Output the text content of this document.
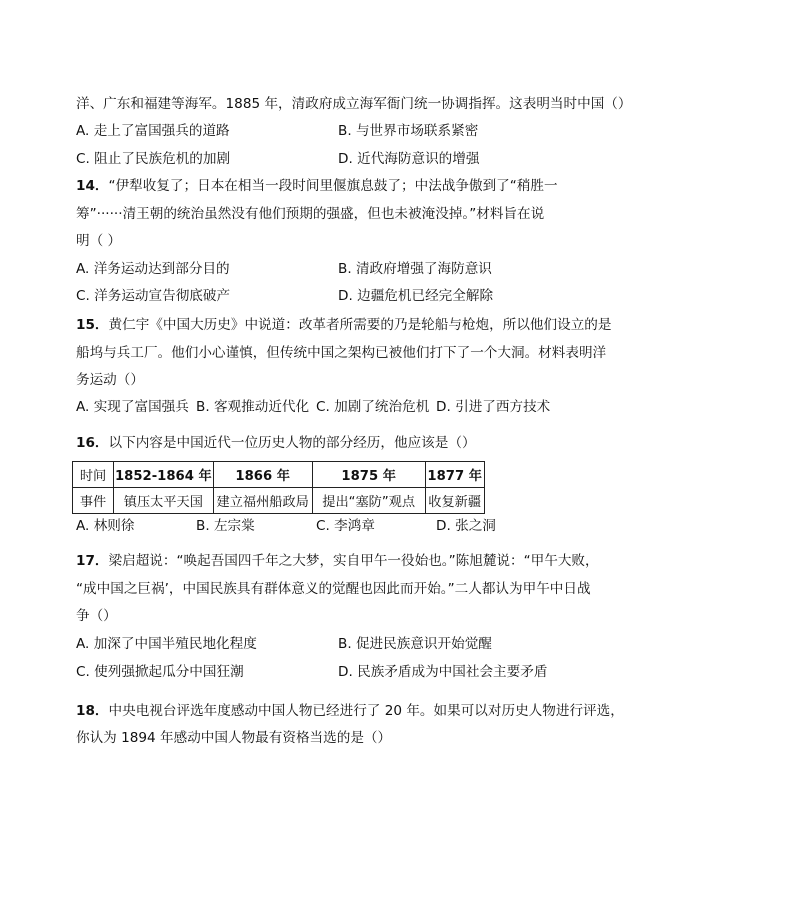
洋、广东和福建等海军。1885 年，清政府成立海军衙门统一协调指挥。这表明当时中国（）
A. 走上了富国强兵的道路	B. 与世界市场联系紧密
C. 阻止了民族危机的加剧	D. 近代海防意识的增强
14．“伊犁收复了；日本在相当一段时间里偃旗息鼓了；中法战争傲到了“稍胜一
筹”······清王朝的统治虽然没有他们预期的强盛，但也未被淹没掉。”材料旨在说
明（ ）
A. 洋务运动达到部分目的	B. 清政府增强了海防意识
C. 洋务运动宣告彻底破产	D. 边疆危机已经完全解除
15．黄仁宇《中国大历史》中说道：改革者所需要的乃是轮船与枪炮，所以他们设立的是
船坞与兵工厂。他们小心谨慎，但传统中国之架构已被他们打下了一个大洞。材料表明洋
务运动（）
A. 实现了富国强兵 B. 客观推动近代化 C. 加剧了统治危机 D. 引进了西方技术
16．以下内容是中国近代一位历史人物的部分经历，他应该是（）
时间	1852-1864 年	1866 年	1875 年	1877 年
事件	镇压太平天国	建立福州船政局	提出“塞防”观点	收复新疆
A. 林则徐	B. 左宗棠	C. 李鸿章	D. 张之洞
17．梁启超说：“唤起吾国四千年之大梦，实自甲午一役始也。”陈旭麓说：“甲午大败，
“成中国之巨祸’，中国民族具有群体意义的觉醒也因此而开始。”二人都认为甲午中日战
争（）
A. 加深了中国半殖民地化程度	B. 促进民族意识开始觉醒
C. 使列强掀起瓜分中国狂潮	D. 民族矛盾成为中国社会主要矛盾
18．中央电视台评选年度感动中国人物已经进行了 20 年。如果可以对历史人物进行评选，
你认为 1894 年感动中国人物最有资格当选的是（）
